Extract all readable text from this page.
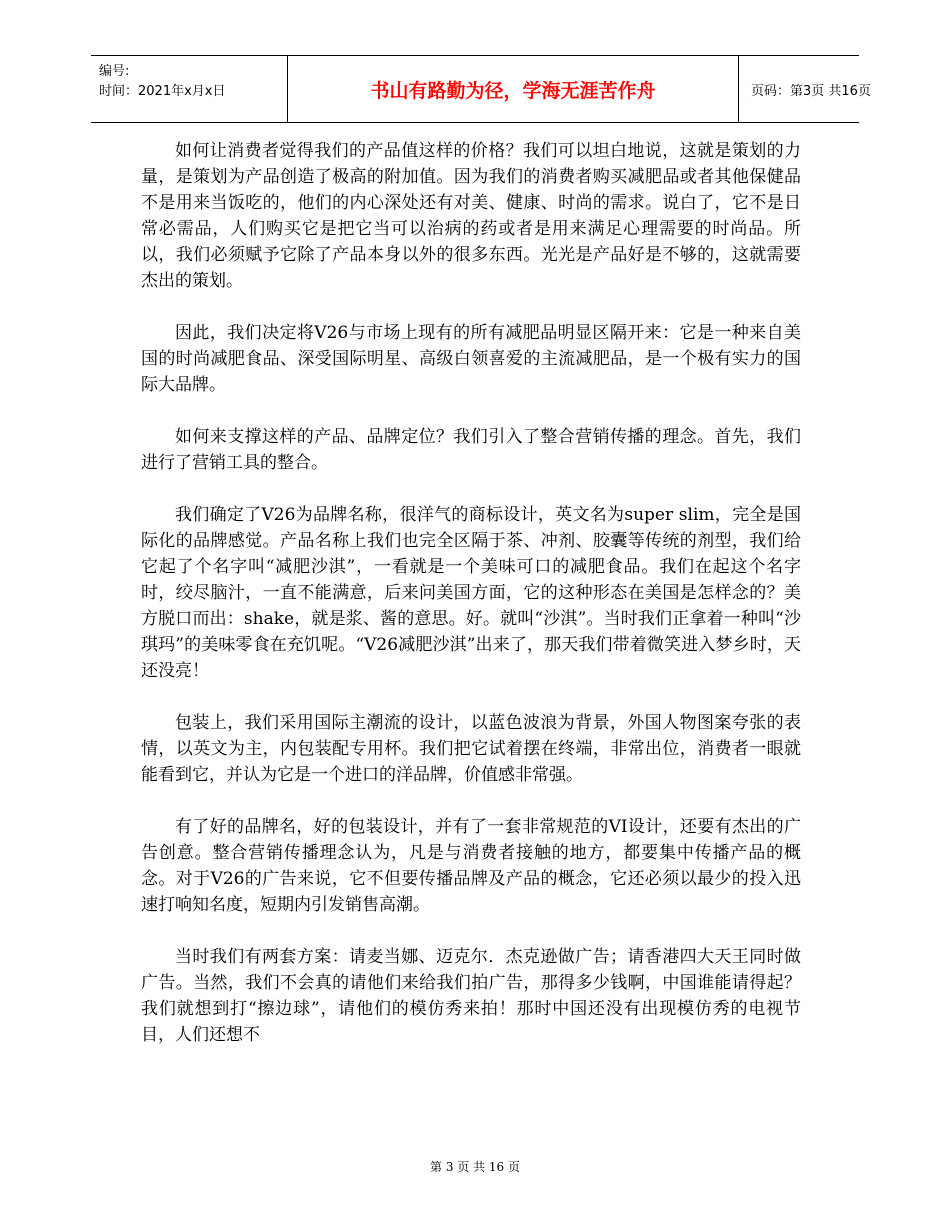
编号:
时间：2021年x月x日	书山有路勤为径，学海无涯苦作舟	页码：第3页 共16页

如何让消费者觉得我们的产品值这样的价格？我们可以坦白地说，这就是策划的力量，是策划为产品创造了极高的附加值。因为我们的消费者购买减肥品或者其他保健品不是用来当饭吃的，他们的内心深处还有对美、健康、时尚的需求。说白了，它不是日常必需品，人们购买它是把它当可以治病的药或者是用来满足心理需要的时尚品。所以，我们必须赋予它除了产品本身以外的很多东西。光光是产品好是不够的，这就需要杰出的策划。

因此，我们决定将V26与市场上现有的所有减肥品明显区隔开来：它是一种来自美国的时尚减肥食品、深受国际明星、高级白领喜爱的主流减肥品，是一个极有实力的国际大品牌。

如何来支撑这样的产品、品牌定位？我们引入了整合营销传播的理念。首先，我们进行了营销工具的整合。

我们确定了V26为品牌名称，很洋气的商标设计，英文名为super slim，完全是国际化的品牌感觉。产品名称上我们也完全区隔于茶、冲剂、胶囊等传统的剂型，我们给它起了个名字叫“减肥沙淇”，一看就是一个美味可口的减肥食品。我们在起这个名字时，绞尽脑汁，一直不能满意，后来问美国方面，它的这种形态在美国是怎样念的？美方脱口而出：shake，就是浆、酱的意思。好。就叫“沙淇”。当时我们正拿着一种叫“沙琪玛”的美味零食在充饥呢。“V26减肥沙淇”出来了，那天我们带着微笑进入梦乡时，天还没亮！

包装上，我们采用国际主潮流的设计，以蓝色波浪为背景，外国人物图案夸张的表情，以英文为主，内包装配专用杯。我们把它试着摆在终端，非常出位，消费者一眼就能看到它，并认为它是一个进口的洋品牌，价值感非常强。

有了好的品牌名，好的包装设计，并有了一套非常规范的VI设计，还要有杰出的广告创意。整合营销传播理念认为，凡是与消费者接触的地方，都要集中传播产品的概念。对于V26的广告来说，它不但要传播品牌及产品的概念，它还必须以最少的投入迅速打响知名度，短期内引发销售高潮。

当时我们有两套方案：请麦当娜、迈克尔．杰克逊做广告；请香港四大天王同时做广告。当然，我们不会真的请他们来给我们拍广告，那得多少钱啊，中国谁能请得起？我们就想到打“擦边球”，请他们的模仿秀来拍！那时中国还没有出现模仿秀的电视节目，人们还想不

第 3 页 共 16 页
